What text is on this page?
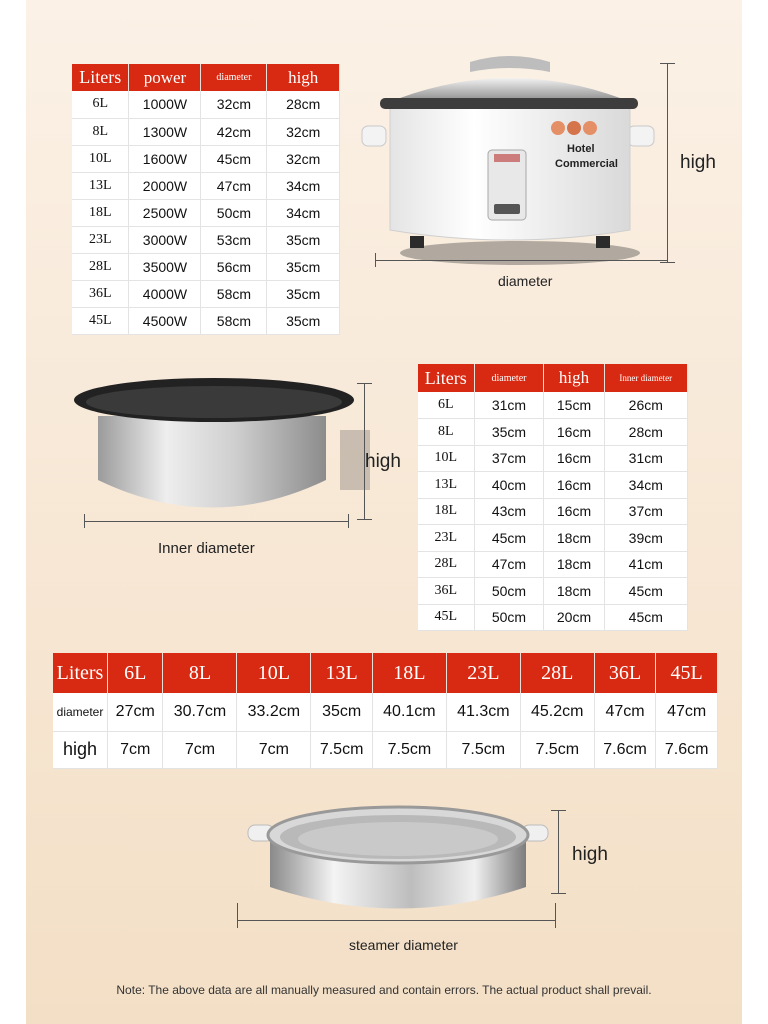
Liters	power	diameter	high
6L	1000W	32cm	28cm
8L	1300W	42cm	32cm
10L	1600W	45cm	32cm
13L	2000W	47cm	34cm
18L	2500W	50cm	34cm
23L	3000W	53cm	35cm
28L	3500W	56cm	35cm
36L	4000W	58cm	35cm
45L	4500W	58cm	35cm
Hotel
Commercial	high
diameter
high
Inner diameter
Liters	diameter	high	Inner diameter
6L	31cm	15cm	26cm
8L	35cm	16cm	28cm
10L	37cm	16cm	31cm
13L	40cm	16cm	34cm
18L	43cm	16cm	37cm
23L	45cm	18cm	39cm
28L	47cm	18cm	41cm
36L	50cm	18cm	45cm
45L	50cm	20cm	45cm
Liters	6L	8L	10L	13L	18L	23L	28L	36L	45L
diameter	27cm	30.7cm	33.2cm	35cm	40.1cm	41.3cm	45.2cm	47cm	47cm
high	7cm	7cm	7cm	7.5cm	7.5cm	7.5cm	7.5cm	7.6cm	7.6cm
high
steamer diameter
Note: The above data are all manually measured and contain errors. The actual product shall prevail.
